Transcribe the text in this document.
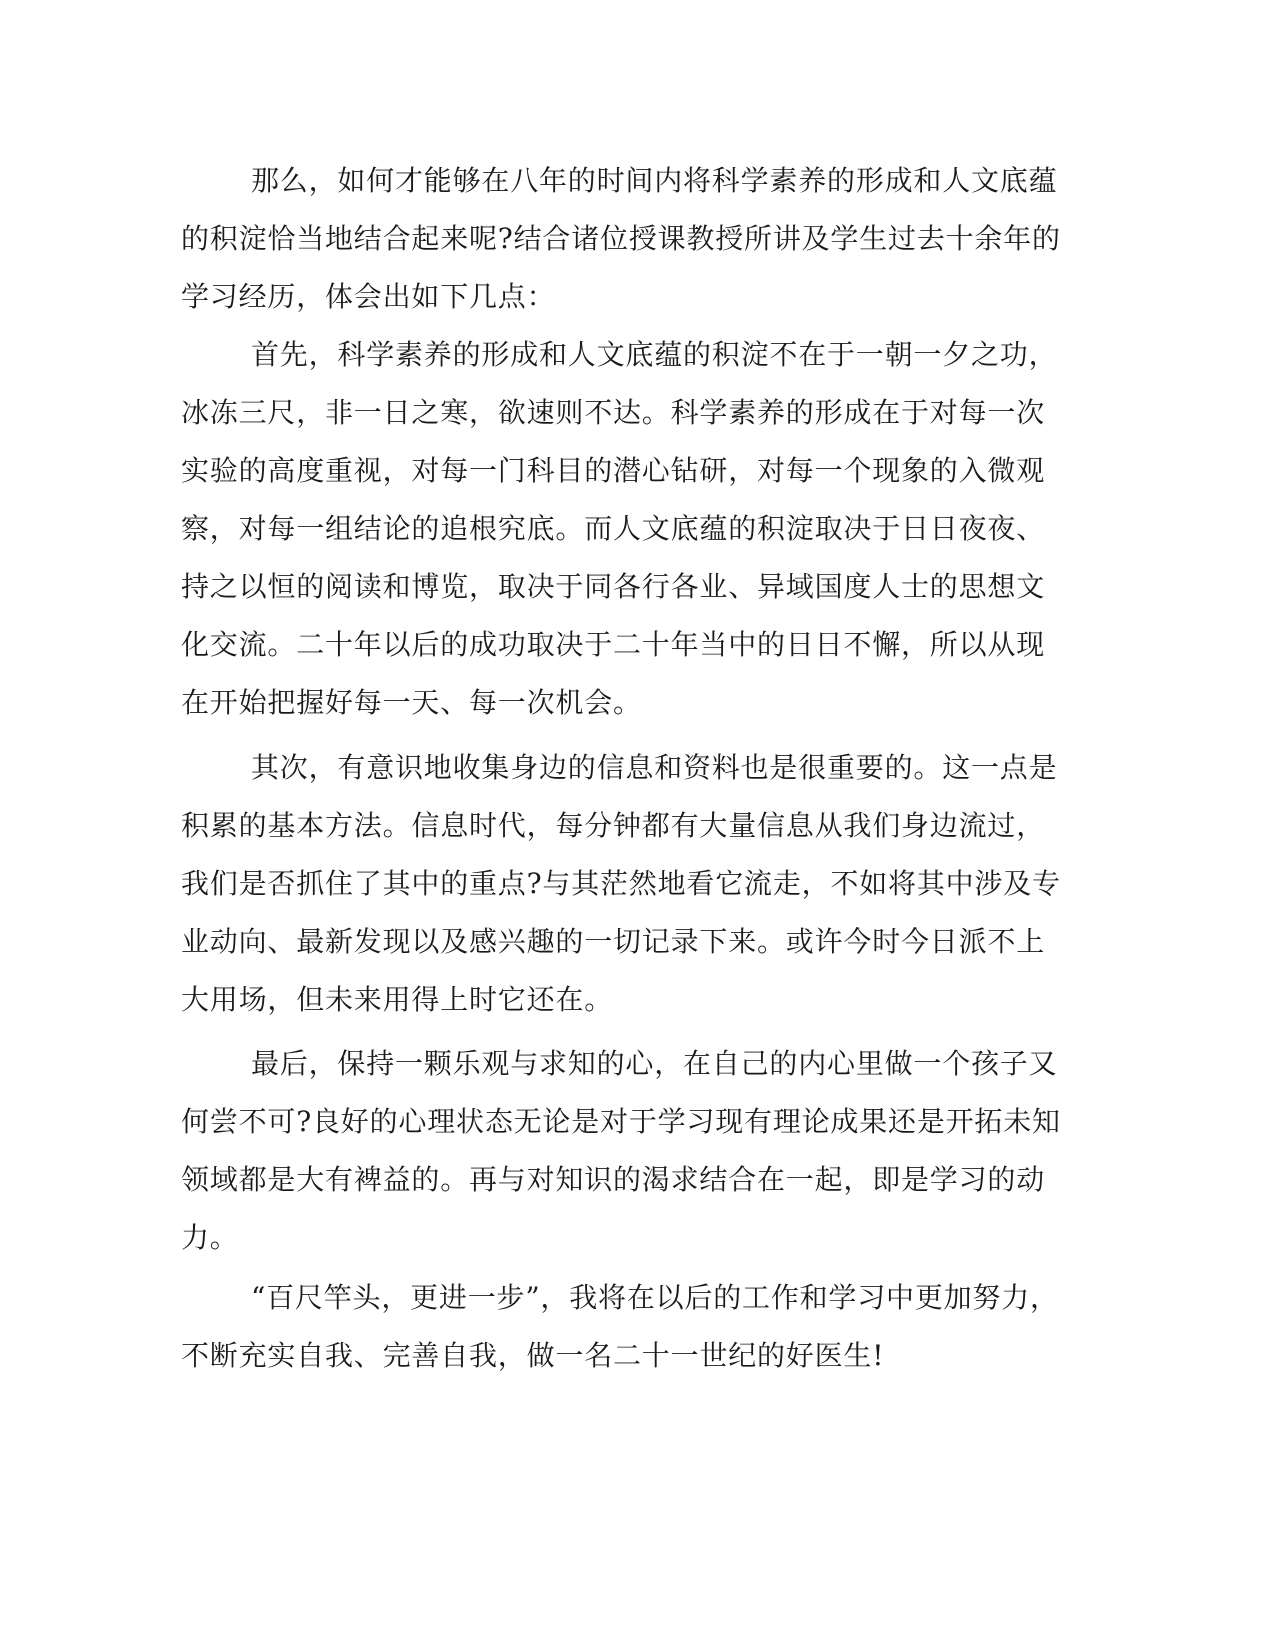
那么，如何才能够在八年的时间内将科学素养的形成和人文底蕴
的积淀恰当地结合起来呢?结合诸位授课教授所讲及学生过去十余年的
学习经历，体会出如下几点：
首先，科学素养的形成和人文底蕴的积淀不在于一朝一夕之功，
冰冻三尺，非一日之寒，欲速则不达。科学素养的形成在于对每一次
实验的高度重视，对每一门科目的潜心钻研，对每一个现象的入微观
察，对每一组结论的追根究底。而人文底蕴的积淀取决于日日夜夜、
持之以恒的阅读和博览，取决于同各行各业、异域国度人士的思想文
化交流。二十年以后的成功取决于二十年当中的日日不懈，所以从现
在开始把握好每一天、每一次机会。
其次，有意识地收集身边的信息和资料也是很重要的。这一点是
积累的基本方法。信息时代，每分钟都有大量信息从我们身边流过，
我们是否抓住了其中的重点?与其茫然地看它流走，不如将其中涉及专
业动向、最新发现以及感兴趣的一切记录下来。或许今时今日派不上
大用场，但未来用得上时它还在。
最后，保持一颗乐观与求知的心，在自己的内心里做一个孩子又
何尝不可?良好的心理状态无论是对于学习现有理论成果还是开拓未知
领域都是大有裨益的。再与对知识的渴求结合在一起，即是学习的动
力。
“百尺竿头，更进一步”，我将在以后的工作和学习中更加努力，
不断充实自我、完善自我，做一名二十一世纪的好医生!
